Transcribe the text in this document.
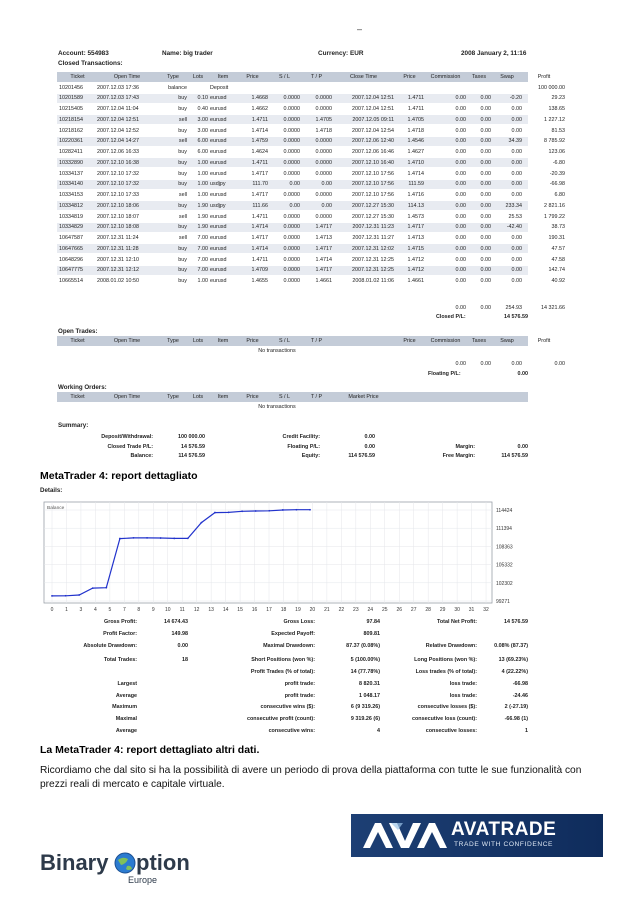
–
Account: 554983	Name: big trader	Currency: EUR	2008 January 2, 11:16
Closed Transactions:
Ticket	Open Time	Type	Lots	Item	Price	S / L	T / P	Close Time	Price	Commission	Taxes	Swap	Profit
10201456	2007.12.03 17:36	balance	Deposit	100 000.00
10201589	2007.12.03 17:43	buy	0.10 eurusd	1.4668	0.0000	0.0000	2007.12.04 12:51	1.4711	0.00	0.00	-0.20	29.23
10215405	2007.12.04 11:04	buy	0.40 eurusd	1.4662	0.0000	0.0000	2007.12.04 12:51	1.4711	0.00	0.00	0.00	138.65
10218154	2007.12.04 12:51	sell	3.00 eurusd	1.4711	0.0000	1.4705	2007.12.05 09:11	1.4705	0.00	0.00	0.00	1 227.12
10218162	2007.12.04 12:52	buy	3.00 eurusd	1.4714	0.0000	1.4718	2007.12.04 12:54	1.4718	0.00	0.00	0.00	81.53
10220361	2007.12.04 14:27	sell	6.00 eurusd	1.4759	0.0000	0.0000	2007.12.06 12:40	1.4546	0.00	0.00	34.39	8 785.92
10282411	2007.12.06 16:33	buy	6.00 eurusd	1.4624	0.0000	0.0000	2007.12.06 16:46	1.4627	0.00	0.00	0.00	123.06
10332890	2007.12.10 16:38	buy	1.00 eurusd	1.4711	0.0000	0.0000	2007.12.10 16:40	1.4710	0.00	0.00	0.00	-6.80
10334137	2007.12.10 17:32	buy	1.00 eurusd	1.4717	0.0000	0.0000	2007.12.10 17:56	1.4714	0.00	0.00	0.00	-20.39
10334140	2007.12.10 17:32	buy	1.00 usdjpy	111.70	0.00	0.00	2007.12.10 17:56	111.59	0.00	0.00	0.00	-66.98
10334153	2007.12.10 17:33	sell	1.00 eurusd	1.4717	0.0000	0.0000	2007.12.10 17:56	1.4716	0.00	0.00	0.00	6.80
10334812	2007.12.10 18:06	buy	1.90 usdjpy	111.66	0.00	0.00	2007.12.27 15:30	114.13	0.00	0.00	233.34	2 821.16
10334819	2007.12.10 18:07	sell	1.90 eurusd	1.4711	0.0000	0.0000	2007.12.27 15:30	1.4573	0.00	0.00	25.53	1 799.22
10334829	2007.12.10 18:08	buy	1.90 eurusd	1.4714	0.0000	1.4717	2007.12.31 11:23	1.4717	0.00	0.00	-42.40	38.73
10647587	2007.12.31 11:24	sell	7.00 eurusd	1.4717	0.0000	1.4713	2007.12.31 11:27	1.4713	0.00	0.00	0.00	190.31
10647665	2007.12.31 11:28	buy	7.00 eurusd	1.4714	0.0000	1.4717	2007.12.31 12:02	1.4715	0.00	0.00	0.00	47.57
10648296	2007.12.31 12:10	buy	7.00 eurusd	1.4711	0.0000	1.4714	2007.12.31 12:25	1.4712	0.00	0.00	0.00	47.58
10647775	2007.12.31 12:12	buy	7.00 eurusd	1.4709	0.0000	1.4717	2007.12.31 12:25	1.4712	0.00	0.00	0.00	142.74
10665514	2008.01.02 10:50	buy	1.00 eurusd	1.4655	0.0000	1.4661	2008.01.02 11:06	1.4661	0.00	0.00	0.00	40.92
0.00	0.00	254.93	14 321.66
Closed P/L:	14 576.59
Open Trades:
Ticket	Open Time	Type	Lots	Item	Price	S / L	T / P	Price	Commission	Taxes	Swap	Profit
No transactions
0.00	0.00	0.00	0.00
Floating P/L:	0.00
Working Orders:
Ticket	Open Time	Type	Lots	Item	Price	S / L	T / P	Market Price
No transactions
Summary:
Deposit/Withdrawal:	100 000.00	Credit Facility:	0.00
Closed Trade P/L:	14 576.59	Floating P/L:	0.00	Margin:	0.00
Balance:	114 576.59	Equity:	114 576.59	Free Margin:	114 576.59
MetaTrader 4: report dettagliato
Details:
0 1 3 4 5 7 8 9 10 11 12 13 14 15 16 17 18 19 20 21 22 23 24 25 26 27 28 29 30 31 32
114424
111394
108363
105332
102302
99271
Balance
Gross Profit:	14 674.43	Gross Loss:	97.84	Total Net Profit:	14 576.59
Profit Factor:	149.98	Expected Payoff:	809.81
Absolute Drawdown:	0.00	Maximal Drawdown:	87.37 (0.08%)	Relative Drawdown:	0.08% (87.37)
Total Trades:	18	Short Positions (won %):	5 (100.00%)	Long Positions (won %):	13 (69.23%)
Profit Trades (% of total):	14 (77.78%)	Loss trades (% of total):	4 (22.22%)
Largest	profit trade:	8 820.31	loss trade:	-66.98
Average	profit trade:	1 048.17	loss trade:	-24.46
Maximum	consecutive wins ($):	6 (9 319.26)	consecutive losses ($):	2 (-27.19)
Maximal	consecutive profit (count):	9 319.26 (6)	consecutive loss (count):	-66.98 (1)
Average	consecutive wins:	4	consecutive losses:	1
La MetaTrader 4: report dettagliato altri dati.
Ricordiamo che dal sito si ha la possibilità di avere un periodo di prova della piattaforma con tutte le sue funzionalità con prezzi reali di mercato e capitale virtuale.
AVATRADE
TRADE WITH CONFIDENCE
Binary ption
Europe
